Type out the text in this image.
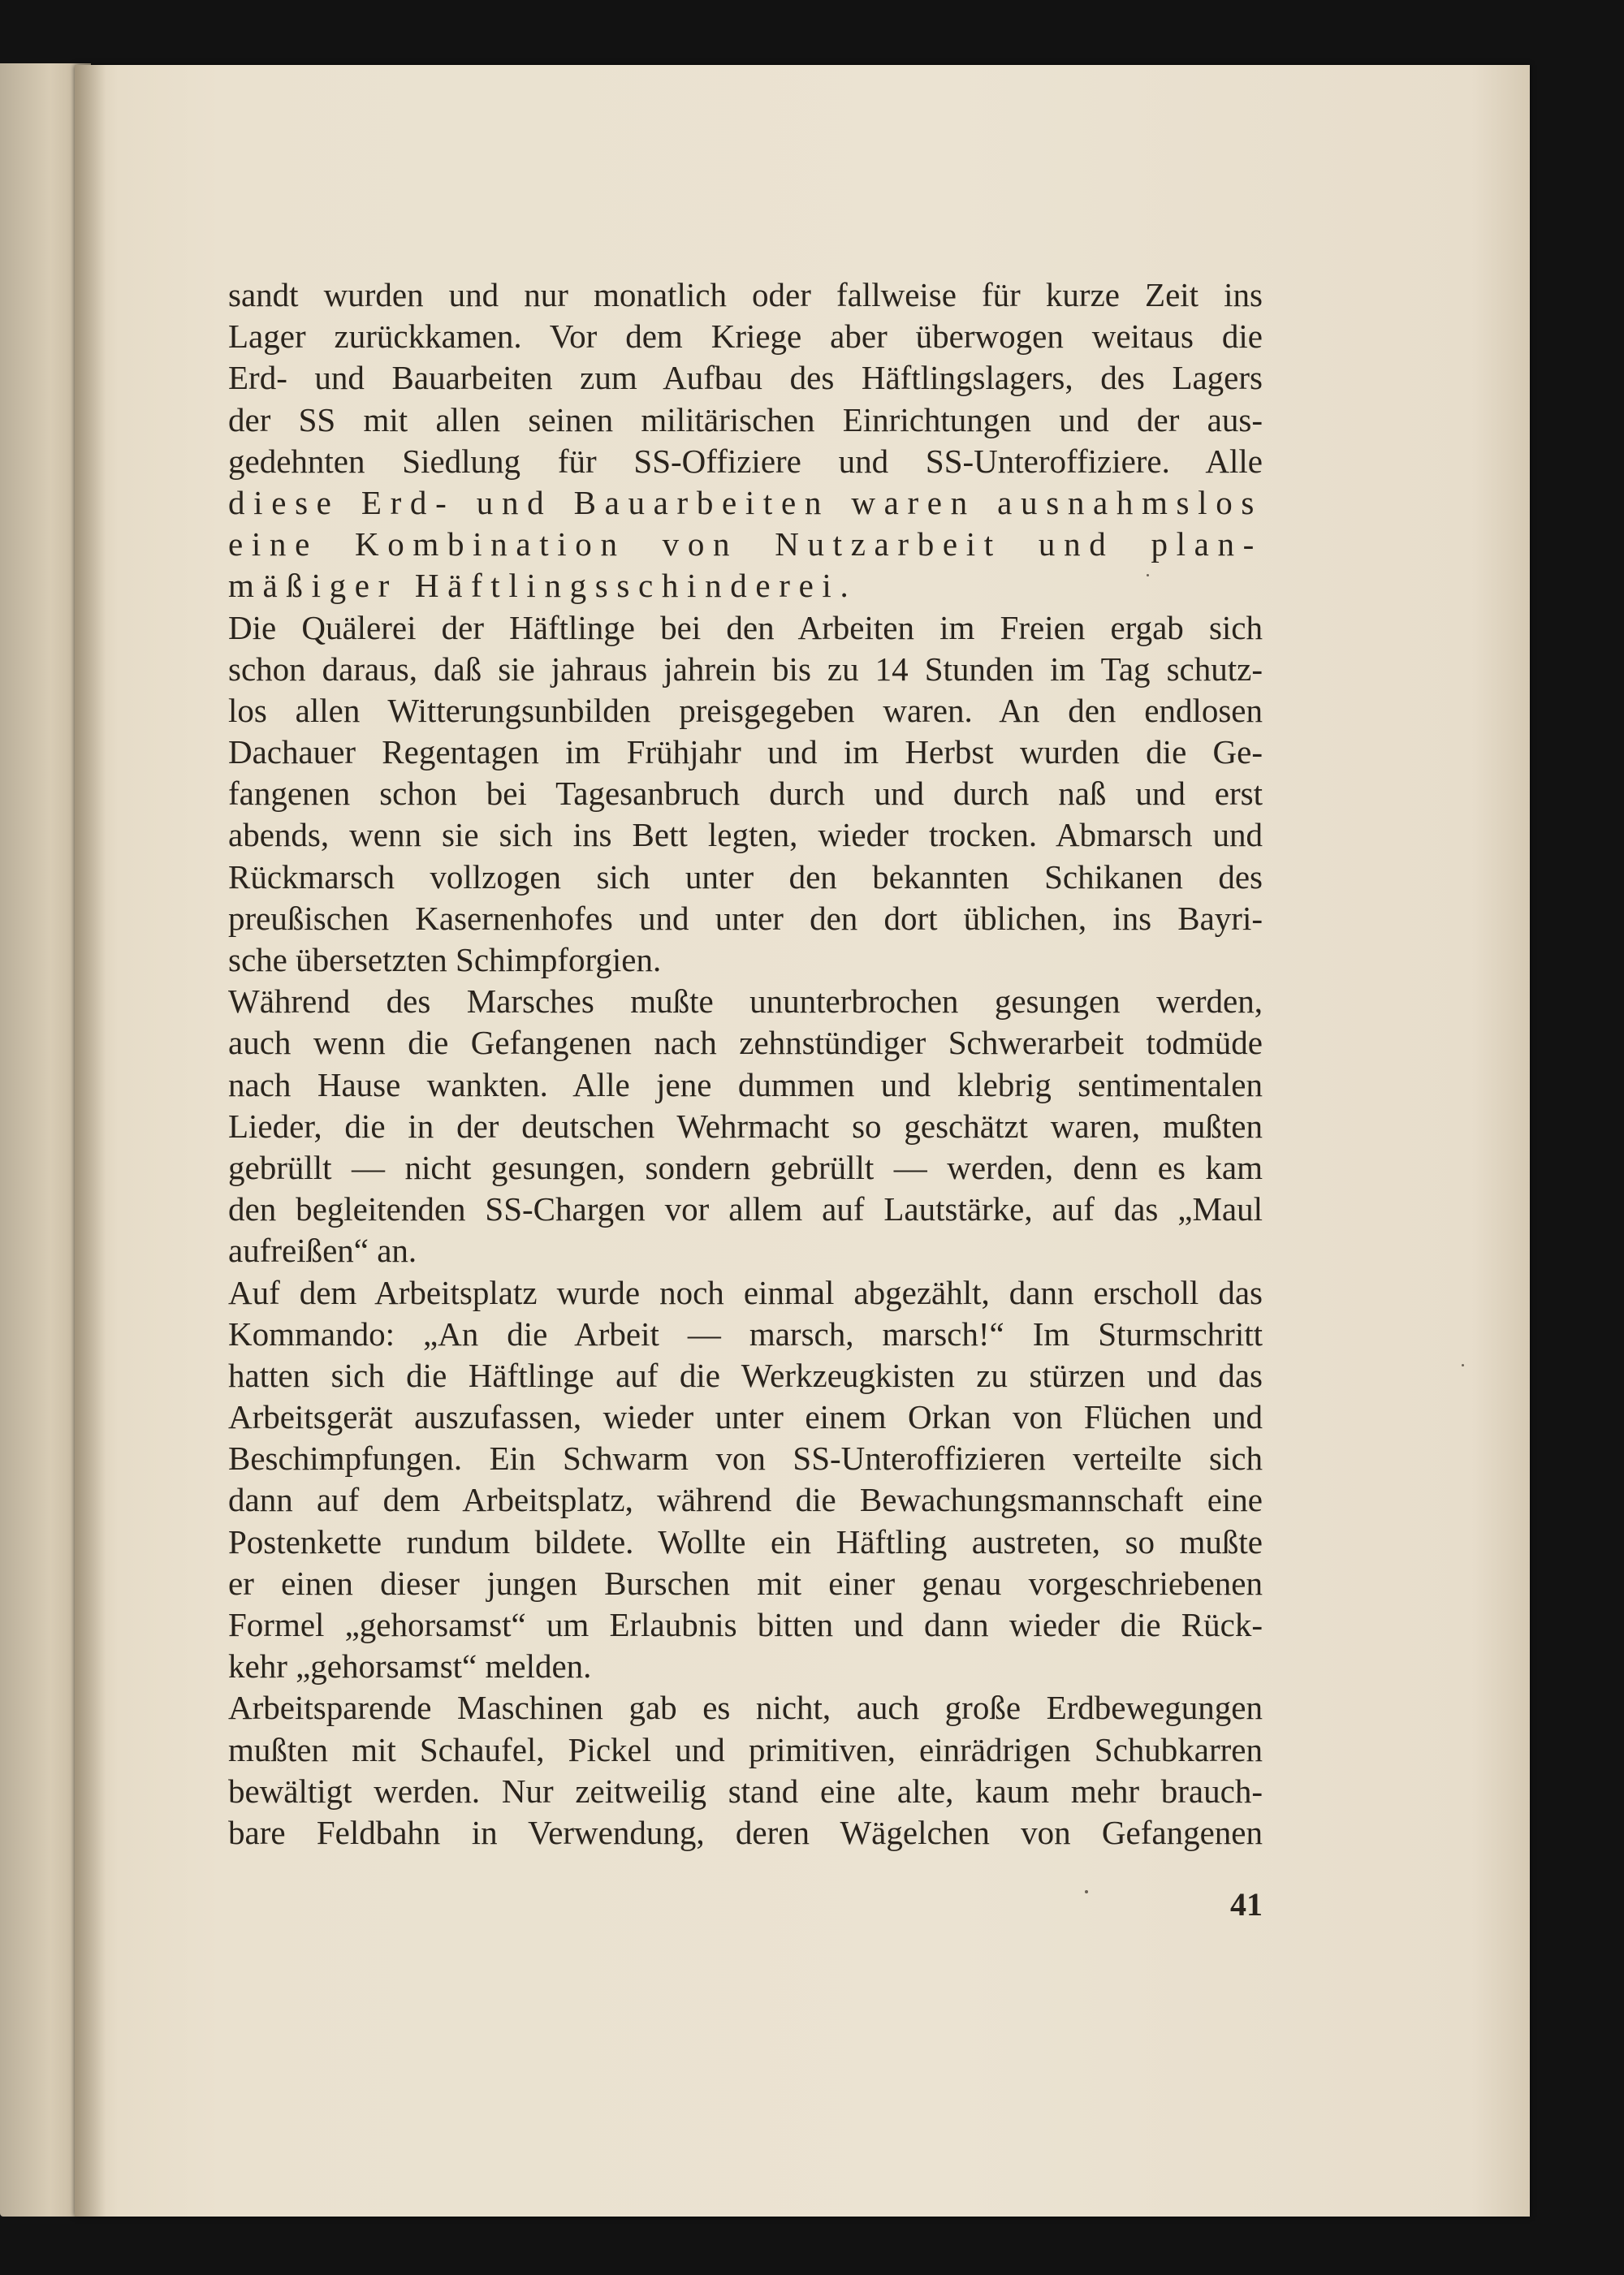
sandt wurden und nur monatlich oder fallweise für kurze Zeit ins
Lager zurückkamen. Vor dem Kriege aber überwogen weitaus die
Erd- und Bauarbeiten zum Aufbau des Häftlingslagers, des Lagers
der SS mit allen seinen militärischen Einrichtungen und der aus-
gedehnten Siedlung für SS-Offiziere und SS-Unteroffiziere. Alle
diese Erd- und Bauarbeiten waren ausnahmslos
eine Kombination von Nutzarbeit und plan-
mäßiger Häftlingsschinderei.
Die Quälerei der Häftlinge bei den Arbeiten im Freien ergab sich
schon daraus, daß sie jahraus jahrein bis zu 14 Stunden im Tag schutz-
los allen Witterungsunbilden preisgegeben waren. An den endlosen
Dachauer Regentagen im Frühjahr und im Herbst wurden die Ge-
fangenen schon bei Tagesanbruch durch und durch naß und erst
abends, wenn sie sich ins Bett legten, wieder trocken. Abmarsch und
Rückmarsch vollzogen sich unter den bekannten Schikanen des
preußischen Kasernenhofes und unter den dort üblichen, ins Bayri-
sche übersetzten Schimpforgien.
Während des Marsches mußte ununterbrochen gesungen werden,
auch wenn die Gefangenen nach zehnstündiger Schwerarbeit todmüde
nach Hause wankten. Alle jene dummen und klebrig sentimentalen
Lieder, die in der deutschen Wehrmacht so geschätzt waren, mußten
gebrüllt — nicht gesungen, sondern gebrüllt — werden, denn es kam
den begleitenden SS-Chargen vor allem auf Lautstärke, auf das „Maul
aufreißen“ an.
Auf dem Arbeitsplatz wurde noch einmal abgezählt, dann erscholl das
Kommando: „An die Arbeit — marsch, marsch!“ Im Sturmschritt
hatten sich die Häftlinge auf die Werkzeugkisten zu stürzen und das
Arbeitsgerät auszufassen, wieder unter einem Orkan von Flüchen und
Beschimpfungen. Ein Schwarm von SS-Unteroffizieren verteilte sich
dann auf dem Arbeitsplatz, während die Bewachungsmannschaft eine
Postenkette rundum bildete. Wollte ein Häftling austreten, so mußte
er einen dieser jungen Burschen mit einer genau vorgeschriebenen
Formel „gehorsamst“ um Erlaubnis bitten und dann wieder die Rück-
kehr „gehorsamst“ melden.
Arbeitsparende Maschinen gab es nicht, auch große Erdbewegungen
mußten mit Schaufel, Pickel und primitiven, einrädrigen Schubkarren
bewältigt werden. Nur zeitweilig stand eine alte, kaum mehr brauch-
bare Feldbahn in Verwendung, deren Wägelchen von Gefangenen
41
